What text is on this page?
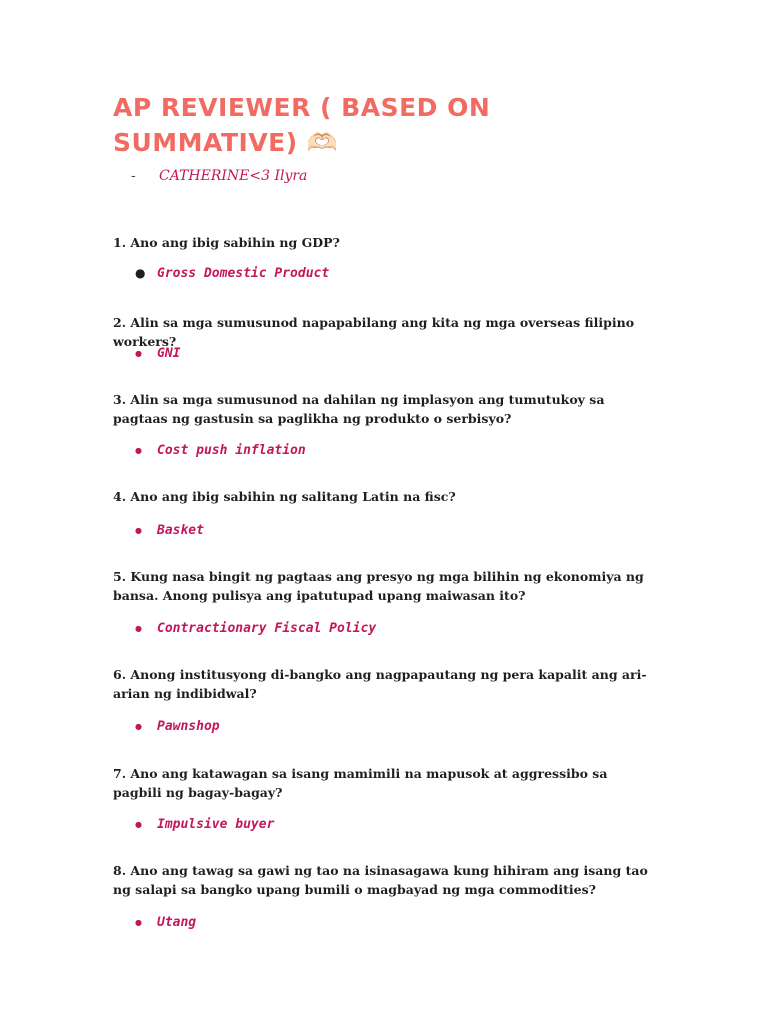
AP REVIEWER ( BASED ON SUMMATIVE) 🫶🏻
-	CATHERINE<3 Ilyra

1. Ano ang ibig sabihin ng GDP?

● Gross Domestic Product

2. Alin sa mga sumusunod napapabilang ang kita ng mga overseas filipino workers?

●	GNI

3. Alin sa mga sumusunod na dahilan ng implasyon ang tumutukoy sa pagtaas ng gastusin sa paglikha ng produkto o serbisyo?

●	Cost push inflation

4. Ano ang ibig sabihin ng salitang Latin na fisc?

●	Basket

5. Kung nasa bingit ng pagtaas ang presyo ng mga bilihin ng ekonomiya ng bansa. Anong pulisya ang ipatutupad upang maiwasan ito?

●	Contractionary Fiscal Policy

6. Anong institusyong di-bangko ang nagpapautang ng pera kapalit ang ari-arian ng indibidwal?

●	Pawnshop

7. Ano ang katawagan sa isang mamimili na mapusok at aggressibo sa pagbili ng bagay-bagay?

●	Impulsive buyer

8. Ano ang tawag sa gawi ng tao na isinasagawa kung hihiram ang isang tao ng salapi sa bangko upang bumili o magbayad ng mga commodities?

●	Utang
